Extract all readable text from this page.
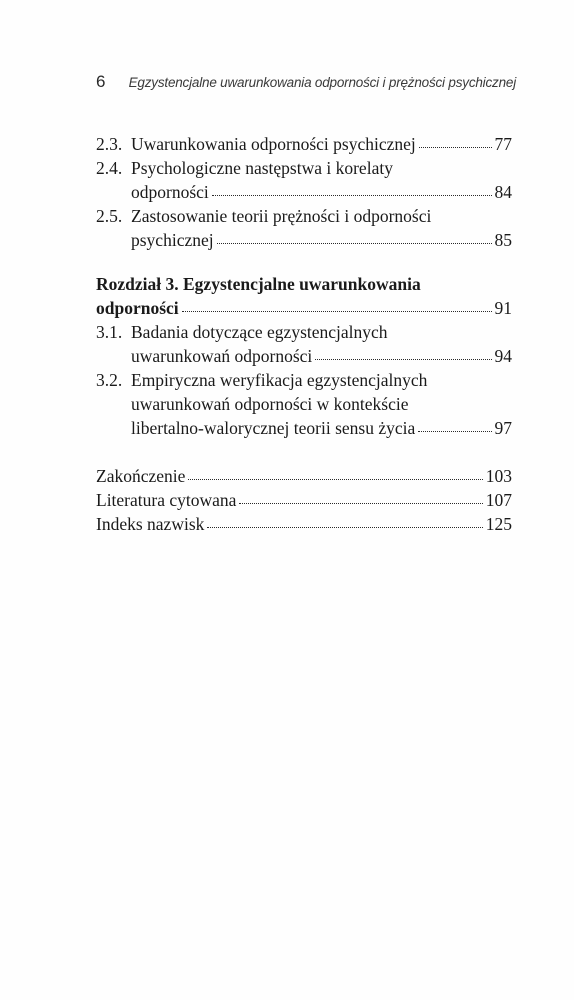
6	Egzystencjalne uwarunkowania odporności i prężności psychicznej
2.3. Uwarunkowania odporności psychicznej	77
2.4. Psychologiczne następstwa i korelaty
odporności	84
2.5. Zastosowanie teorii prężności i odporności
psychicznej	85
Rozdział 3. Egzystencjalne uwarunkowania
odporności	91
3.1. Badania dotyczące egzystencjalnych
uwarunkowań odporności	94
3.2. Empiryczna weryfikacja egzystencjalnych
uwarunkowań odporności w kontekście
libertalno-walorycznej teorii sensu życia	97
Zakończenie	103
Literatura cytowana	107
Indeks nazwisk	125
